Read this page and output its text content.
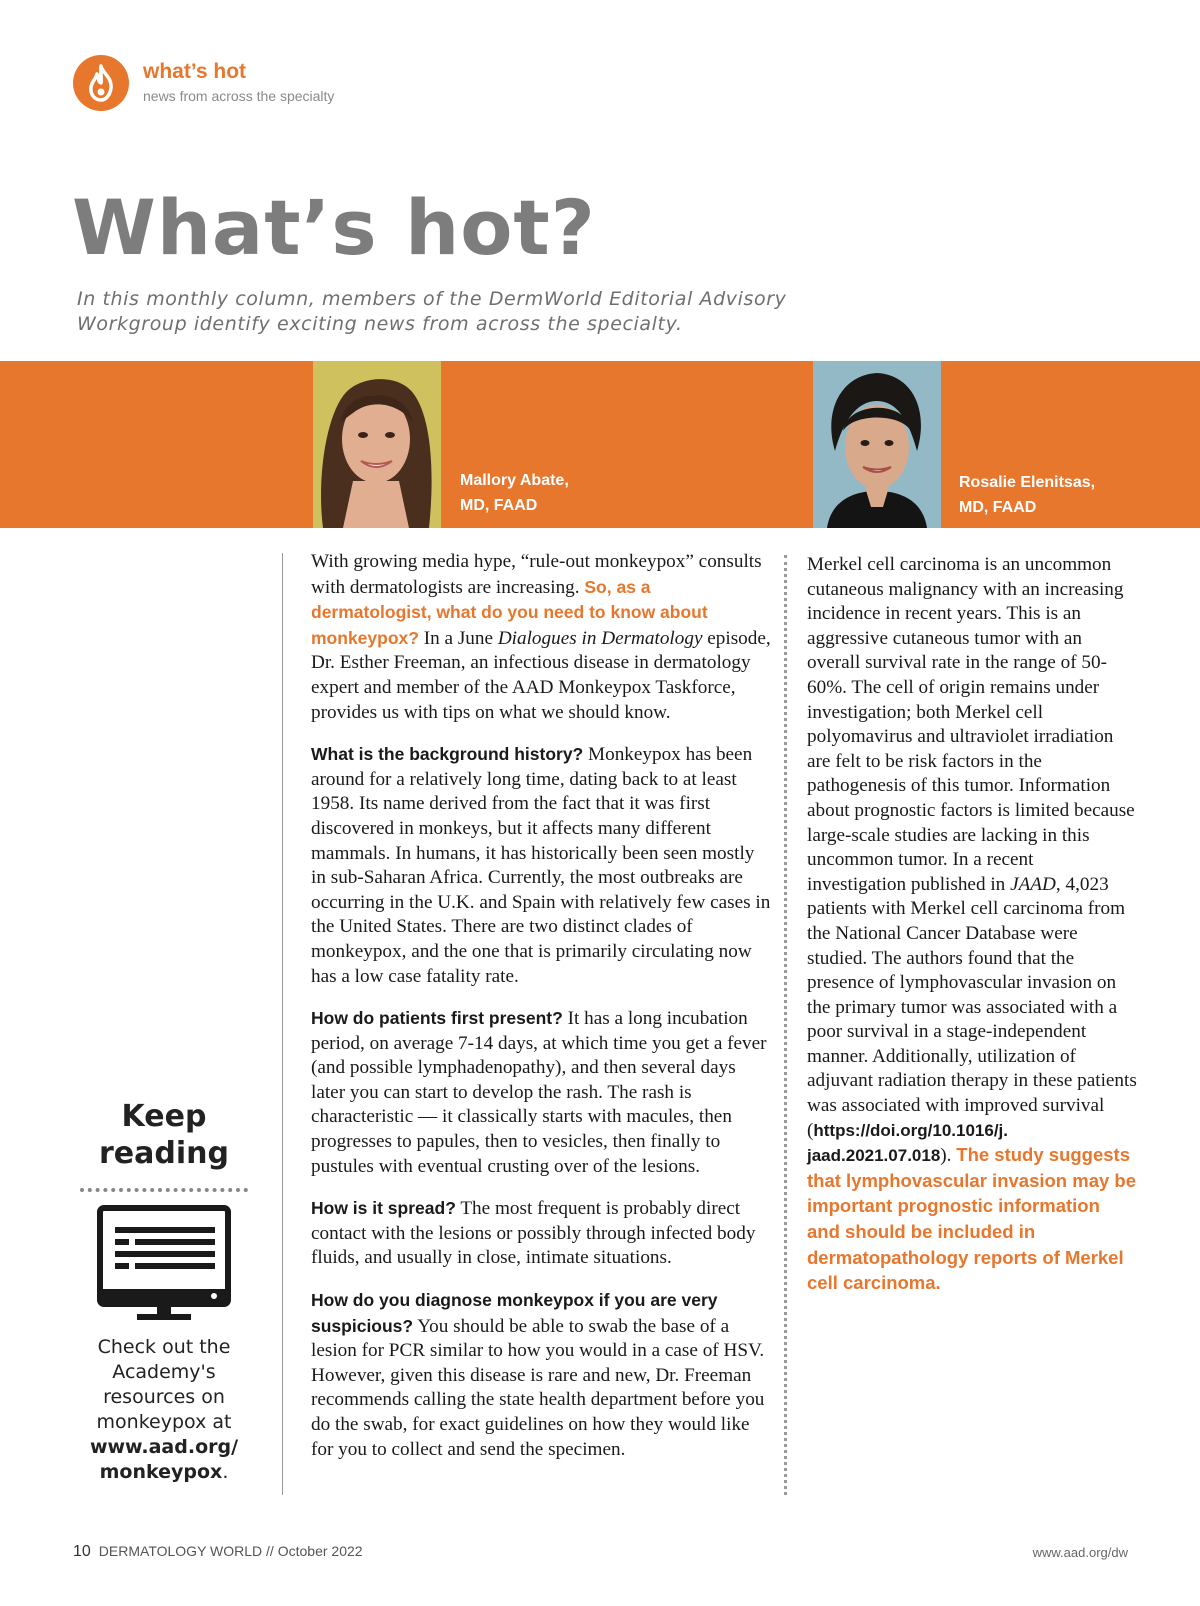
what’s hot
news from across the specialty
What’s hot?

In this monthly column, members of the DermWorld Editorial Advisory Workgroup identify exciting news from across the specialty.

Mallory Abate,
MD, FAAD
Rosalie Elenitsas,
MD, FAAD
Keep
reading
Check out the Academy's resources on monkeypox at
www.aad.org/ monkeypox.

With growing media hype, “rule-out monkeypox” consults with dermatologists are increasing. So, as a dermatologist, what do you need to know about monkeypox? In a June Dialogues in Dermatology episode, Dr. Esther Freeman, an infectious disease in dermatology expert and member of the AAD Monkeypox Taskforce, provides us with tips on what we should know.

What is the background history? Monkeypox has been around for a relatively long time, dating back to at least 1958. Its name derived from the fact that it was first discovered in monkeys, but it affects many different mammals. In humans, it has historically been seen mostly in sub-Saharan Africa. Currently, the most outbreaks are occurring in the U.K. and Spain with relatively few cases in the United States. There are two distinct clades of monkeypox, and the one that is primarily circulating now has a low case fatality rate.

How do patients first present? It has a long incubation period, on average 7-14 days, at which time you get a fever (and possible lymphadenopathy), and then several days later you can start to develop the rash. The rash is characteristic — it classically starts with macules, then progresses to papules, then to vesicles, then finally to pustules with eventual crusting over of the lesions.

How is it spread? The most frequent is probably direct contact with the lesions or possibly through infected body fluids, and usually in close, intimate situations.

How do you diagnose monkeypox if you are very suspicious? You should be able to swab the base of a lesion for PCR similar to how you would in a case of HSV. However, given this disease is rare and new, Dr. Freeman recommends calling the state health department before you do the swab, for exact guidelines on how they would like for you to collect and send the specimen.

Merkel cell carcinoma is an uncommon cutaneous malignancy with an increasing incidence in recent years. This is an aggressive cutaneous tumor with an overall survival rate in the range of 50-60%. The cell of origin remains under investigation; both Merkel cell polyomavirus and ultraviolet irradiation are felt to be risk factors in the pathogenesis of this tumor. Information about prognostic factors is limited because large-scale studies are lacking in this uncommon tumor. In a recent investigation published in JAAD, 4,023 patients with Merkel cell carcinoma from the National Cancer Database were studied. The authors found that the presence of lymphovascular invasion on the primary tumor was associated with a poor survival in a stage-independent manner. Additionally, utilization of adjuvant radiation therapy in these patients was associated with improved survival (https://doi.org/10.1016/j. jaad.2021.07.018). The study suggests that lymphovascular invasion may be important prognostic information and should be included in dermatopathology reports of Merkel cell carcinoma.

10 DERMATOLOGY WORLD // October 2022	www.aad.org/dw
